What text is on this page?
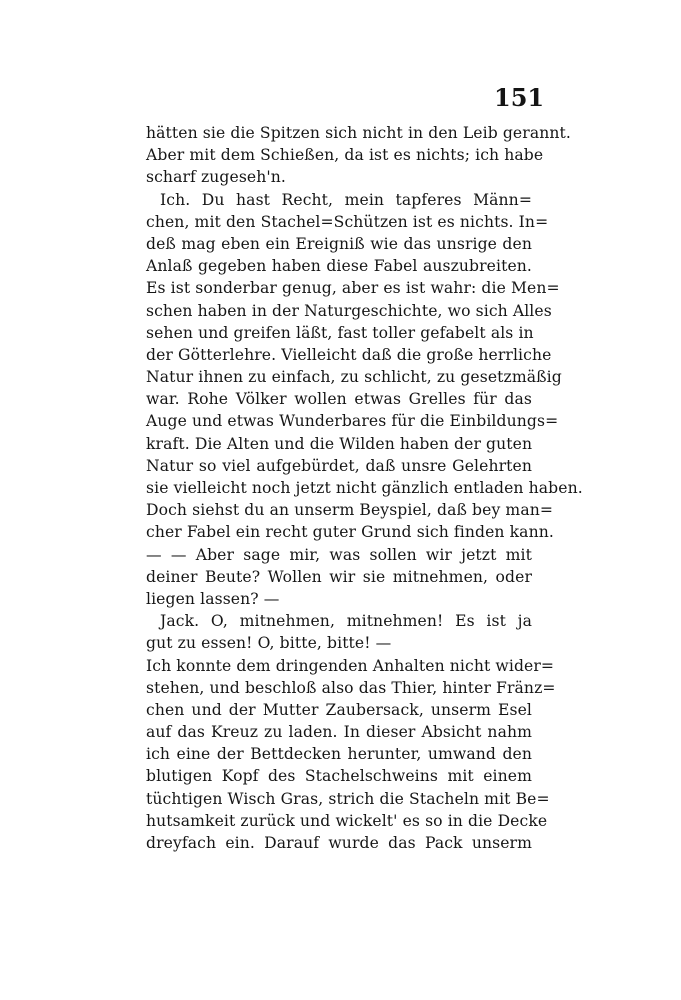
151
hätten sie die Spitzen sich nicht in den Leib gerannt.
Aber mit dem Schießen, da ist es nichts; ich habe
scharf zugeseh'n.
Ich. Du hast Recht, mein tapferes Männ=
chen, mit den Stachel=Schützen ist es nichts. In=
deß mag eben ein Ereigniß wie das unsrige den
Anlaß gegeben haben diese Fabel auszubreiten.
Es ist sonderbar genug, aber es ist wahr: die Men=
schen haben in der Naturgeschichte, wo sich Alles
sehen und greifen läßt, fast toller gefabelt als in
der Götterlehre. Vielleicht daß die große herrliche
Natur ihnen zu einfach, zu schlicht, zu gesetzmäßig
war. Rohe Völker wollen etwas Grelles für das
Auge und etwas Wunderbares für die Einbildungs=
kraft. Die Alten und die Wilden haben der guten
Natur so viel aufgebürdet, daß unsre Gelehrten
sie vielleicht noch jetzt nicht gänzlich entladen haben.
Doch siehst du an unserm Beyspiel, daß bey man=
cher Fabel ein recht guter Grund sich finden kann.
— — Aber sage mir, was sollen wir jetzt mit
deiner Beute? Wollen wir sie mitnehmen, oder
liegen lassen? —
Jack. O, mitnehmen, mitnehmen! Es ist ja
gut zu essen! O, bitte, bitte! —
Ich konnte dem dringenden Anhalten nicht wider=
stehen, und beschloß also das Thier, hinter Fränz=
chen und der Mutter Zaubersack, unserm Esel
auf das Kreuz zu laden. In dieser Absicht nahm
ich eine der Bettdecken herunter, umwand den
blutigen Kopf des Stachelschweins mit einem
tüchtigen Wisch Gras, strich die Stacheln mit Be=
hutsamkeit zurück und wickelt' es so in die Decke
dreyfach ein. Darauf wurde das Pack unserm
